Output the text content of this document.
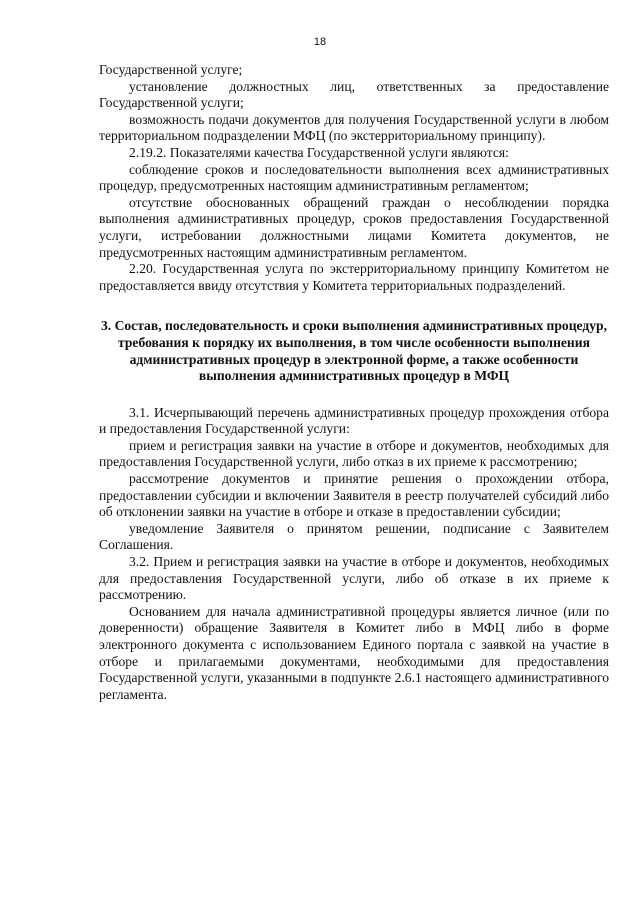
18

Государственной услуге;

установление должностных лиц, ответственных за предоставление Государственной услуги;

возможность подачи документов для получения Государственной услуги в любом территориальном подразделении МФЦ (по экстерриториальному принципу).

2.19.2. Показателями качества Государственной услуги являются:

соблюдение сроков и последовательности выполнения всех административных процедур, предусмотренных настоящим административным регламентом;

отсутствие обоснованных обращений граждан о несоблюдении порядка выполнения административных процедур, сроков предоставления Государственной услуги, истребовании должностными лицами Комитета документов, не предусмотренных настоящим административным регламентом.

2.20. Государственная услуга по экстерриториальному принципу Комитетом не предоставляется ввиду отсутствия у Комитета территориальных подразделений.

3. Состав, последовательность и сроки выполнения административных процедур, требования к порядку их выполнения, в том числе особенности выполнения административных процедур в электронной форме, а также особенности выполнения административных процедур в МФЦ

3.1. Исчерпывающий перечень административных процедур прохождения отбора и предоставления Государственной услуги:

прием и регистрация заявки на участие в отборе и документов, необходимых для предоставления Государственной услуги, либо отказ в их приеме к рассмотрению;

рассмотрение документов и принятие решения о прохождении отбора, предоставлении субсидии и включении Заявителя в реестр получателей субсидий либо об отклонении заявки на участие в отборе и отказе в предоставлении субсидии;

уведомление Заявителя о принятом решении, подписание с Заявителем Соглашения.

3.2. Прием и регистрация заявки на участие в отборе и документов, необходимых для предоставления Государственной услуги, либо об отказе в их приеме к рассмотрению.

Основанием для начала административной процедуры является личное (или по доверенности) обращение Заявителя в Комитет либо в МФЦ либо в форме электронного документа с использованием Единого портала с заявкой на участие в отборе и прилагаемыми документами, необходимыми для предоставления Государственной услуги, указанными в подпункте 2.6.1 настоящего административного регламента.
